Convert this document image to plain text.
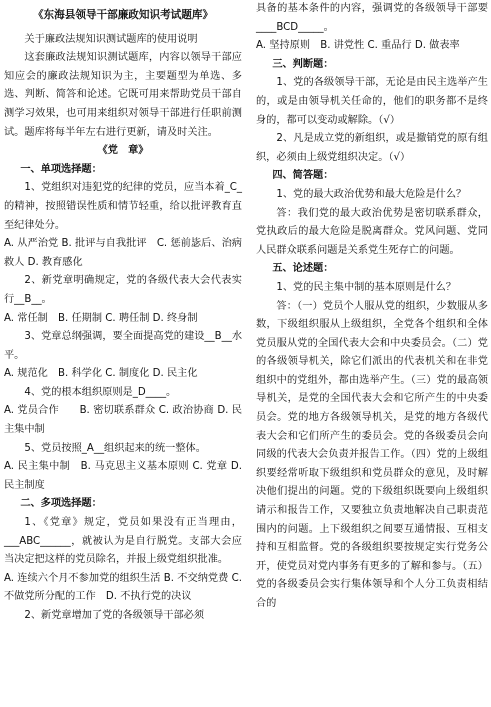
《东海县领导干部廉政知识考试题库》

关于廉政法规知识测试题库的使用说明

这套廉政法规知识测试题库，内容以领导干部应知应会的廉政法规知识为主，主要题型为单选、多选、判断、简答和论述。它既可用来帮助党员干部自测学习效果，也可用来组织对领导干部进行任职前测试。题库将每半年左右进行更新，请及时关注。

《党　章》

一、单项选择题：

1、党组织对违犯党的纪律的党员，应当本着_C_的精神，按照错误性质和情节轻重，给以批评教育直至纪律处分。

A. 从严治党 B. 批评与自我批评　C. 惩前毖后、治病救人 D. 教育感化

2、新党章明确规定，党的各级代表大会代表实行__B__。

A. 常任制　B. 任期制 C. 聘任制 D. 终身制

3、党章总纲强调，要全面提高党的建设__B__水平。

A. 规范化　B. 科学化 C. 制度化 D. 民主化

4、党的根本组织原则是_D____。

A. 党员合作　　B. 密切联系群众 C. 政治协商 D. 民主集中制

5、党员按照_A__组织起来的统一整体。

A. 民主集中制　B. 马克思主义基本原则 C. 党章 D. 民主制度

二、多项选择题：

1、《党章》规定，党员如果没有正当理由，___ABC______，就被认为是自行脱党。支部大会应当决定把这样的党员除名，并报上级党组织批准。

A. 连续六个月不参加党的组织生活 B. 不交纳党费 C. 不做党所分配的工作　D. 不执行党的决议

2、新党章增加了党的各级领导干部必须

具备的基本条件的内容，强调党的各级领导干部要____BCD_____。

A. 坚持原则　B. 讲党性 C. 重品行 D. 做表率

三、判断题：

1、党的各级领导干部，无论是由民主选举产生的，或是由领导机关任命的，他们的职务都不是终身的，都可以变动或解除。（√）

2、凡是成立党的新组织，或是撤销党的原有组织，必须由上级党组织决定。（√）

四、简答题：

1、党的最大政治优势和最大危险是什么？

答：我们党的最大政治优势是密切联系群众，党执政后的最大危险是脱离群众。党风问题、党同人民群众联系问题是关系党生死存亡的问题。

五、论述题：

1、党的民主集中制的基本原则是什么？

答：（一）党员个人服从党的组织，少数服从多数，下级组织服从上级组织，全党各个组织和全体党员服从党的全国代表大会和中央委员会。（二）党的各级领导机关，除它们派出的代表机关和在非党组织中的党组外，都由选举产生。（三）党的最高领导机关，是党的全国代表大会和它所产生的中央委员会。党的地方各级领导机关，是党的地方各级代表大会和它们所产生的委员会。党的各级委员会向同级的代表大会负责并报告工作。（四）党的上级组织要经常听取下级组织和党员群众的意见，及时解决他们提出的问题。党的下级组织既要向上级组织请示和报告工作，又要独立负责地解决自己职责范围内的问题。上下级组织之间要互通情报、互相支持和互相监督。党的各级组织要按规定实行党务公开，使党员对党内事务有更多的了解和参与。（五）党的各级委员会实行集体领导和个人分工负责相结合的
